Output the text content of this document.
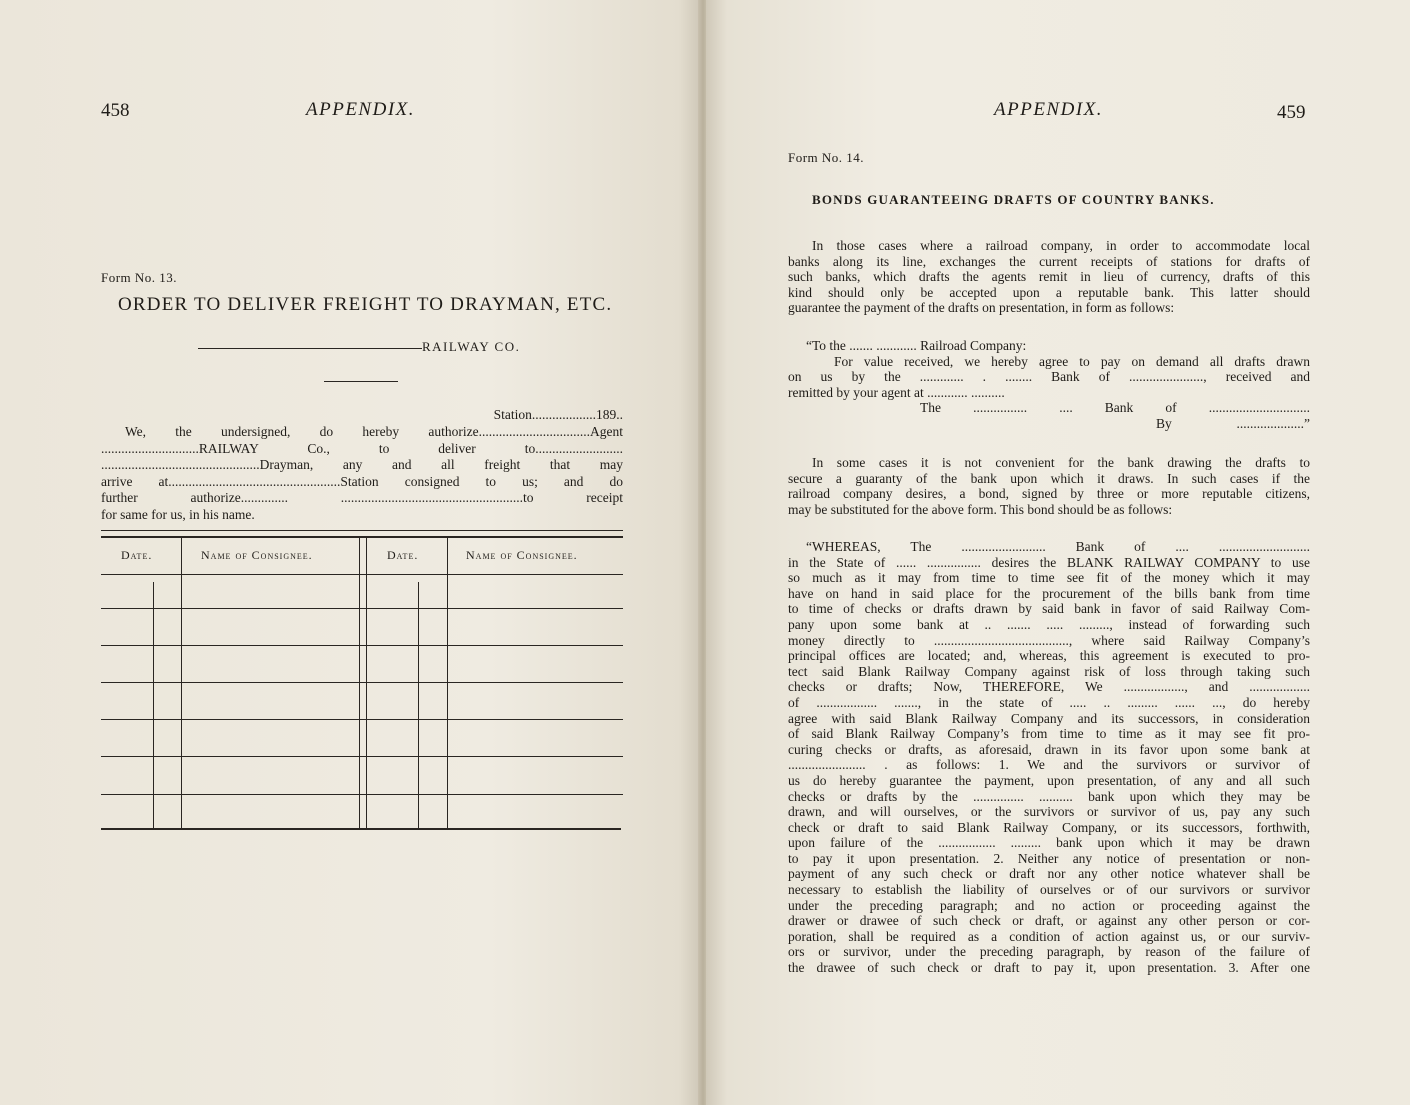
458	APPENDIX.
Form No. 13.
ORDER TO DELIVER FREIGHT TO DRAYMAN, ETC.
RAILWAY CO.
Station...................189..

We, the undersigned, do hereby authorize.................................Agent

.............................RAILWAY Co., to deliver to..........................

...............................................Drayman, any and all freight that may

arrive at...................................................Station consigned to us; and do

further authorize.............. ......................................................to receipt

for same for us, in his name.

Date.	Name of Consignee.	Date.	Name of Consignee.
APPENDIX.	459
Form No. 14.
BONDS GUARANTEEING DRAFTS OF COUNTRY BANKS.

In those cases where a railroad company, in order to accommodate local

banks along its line, exchanges the current receipts of stations for drafts of

such banks, which drafts the agents remit in lieu of currency, drafts of this

kind should only be accepted upon a reputable bank. This latter should

guarantee the payment of the drafts on presentation, in form as follows:

“To the ....... ............ Railroad Company:

For value received, we hereby agree to pay on demand all drafts drawn

on us by the ............. . ........ Bank of ......................, received and

remitted by your agent at ............ ..........

The ................ .... Bank of ..............................

By ....................”

In some cases it is not convenient for the bank drawing the drafts to

secure a guaranty of the bank upon which it draws. In such cases if the

railroad company desires, a bond, signed by three or more reputable citizens,

may be substituted for the above form. This bond should be as follows:

“WHEREAS, The ......................... Bank of .... ...........................

in the State of ...... ................ desires the BLANK RAILWAY COMPANY to use

so much as it may from time to time see fit of the money which it may

have on hand in said place for the procurement of the bills bank from time

to time of checks or drafts drawn by said bank in favor of said Railway Com-

pany upon some bank at .. ....... ..... ........., instead of forwarding such

money directly to ........................................, where said Railway Company’s

principal offices are located; and, whereas, this agreement is executed to pro-

tect said Blank Railway Company against risk of loss through taking such

checks or drafts; Now, THEREFORE, We .................., and ..................

of .................. ......., in the state of ..... .. ......... ...... ..., do hereby

agree with said Blank Railway Company and its successors, in consideration

of said Blank Railway Company’s from time to time as it may see fit pro-

curing checks or drafts, as aforesaid, drawn in its favor upon some bank at

....................... . as follows: 1. We and the survivors or survivor of

us do hereby guarantee the payment, upon presentation, of any and all such

checks or drafts by the ............... .......... bank upon which they may be

drawn, and will ourselves, or the survivors or survivor of us, pay any such

check or draft to said Blank Railway Company, or its successors, forthwith,

upon failure of the ................. ......... bank upon which it may be drawn

to pay it upon presentation. 2. Neither any notice of presentation or non-

payment of any such check or draft nor any other notice whatever shall be

necessary to establish the liability of ourselves or of our survivors or survivor

under the preceding paragraph; and no action or proceeding against the

drawer or drawee of such check or draft, or against any other person or cor-

poration, shall be required as a condition of action against us, or our surviv-

ors or survivor, under the preceding paragraph, by reason of the failure of

the drawee of such check or draft to pay it, upon presentation. 3. After one
